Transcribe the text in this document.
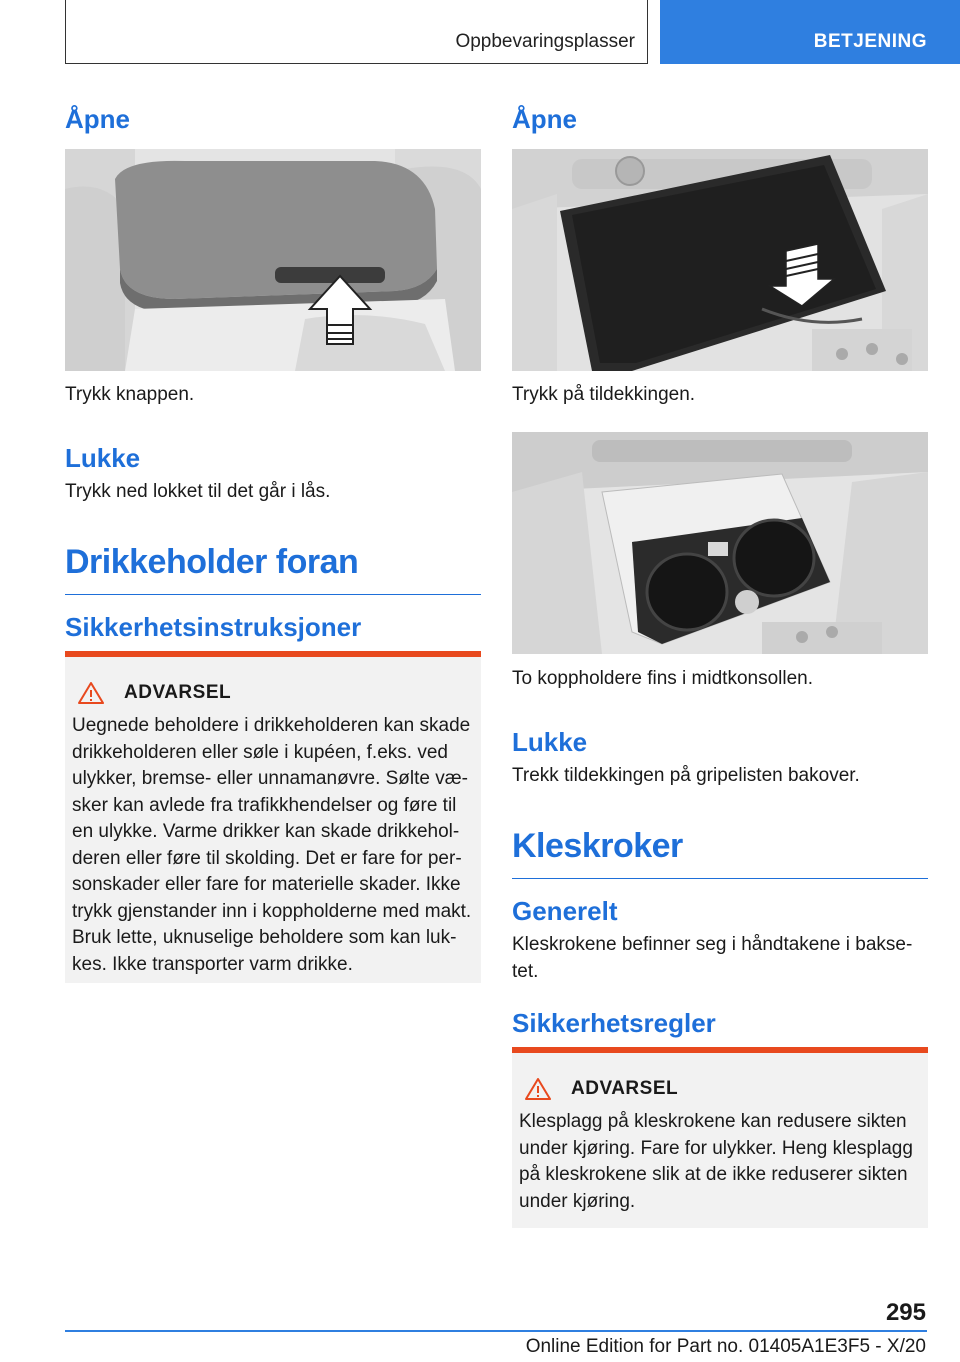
Oppbevaringsplasser	BETJENING
Åpne

Trykk knappen.

Lukke

Trykk ned lokket til det går i lås.

Drikkeholder foran
Sikkerhetsinstruksjoner
ADVARSEL

Uegnede beholdere i drikkeholderen kan skade
drikkeholderen eller søle i kupéen, f.eks. ved
ulykker, bremse- eller unnamanøvre. Sølte væ-
sker kan avlede fra trafikkhendelser og føre til
en ulykke. Varme drikker kan skade drikkehol-
deren eller føre til skolding. Det er fare for per-
sonskader eller fare for materielle skader. Ikke
trykk gjenstander inn i koppholderne med makt.
Bruk lette, uknuselige beholdere som kan luk-
kes. Ikke transporter varm drikke.

Åpne

Trykk på tildekkingen.

To koppholdere fins i midtkonsollen.

Lukke

Trekk tildekkingen på gripelisten bakover.

Kleskroker
Generelt

Kleskrokene befinner seg i håndtakene i bakse-
tet.

Sikkerhetsregler
ADVARSEL

Klesplagg på kleskrokene kan redusere sikten
under kjøring. Fare for ulykker. Heng klesplagg
på kleskrokene slik at de ikke reduserer sikten
under kjøring.

295
Online Edition for Part no. 01405A1E3F5 - X/20
